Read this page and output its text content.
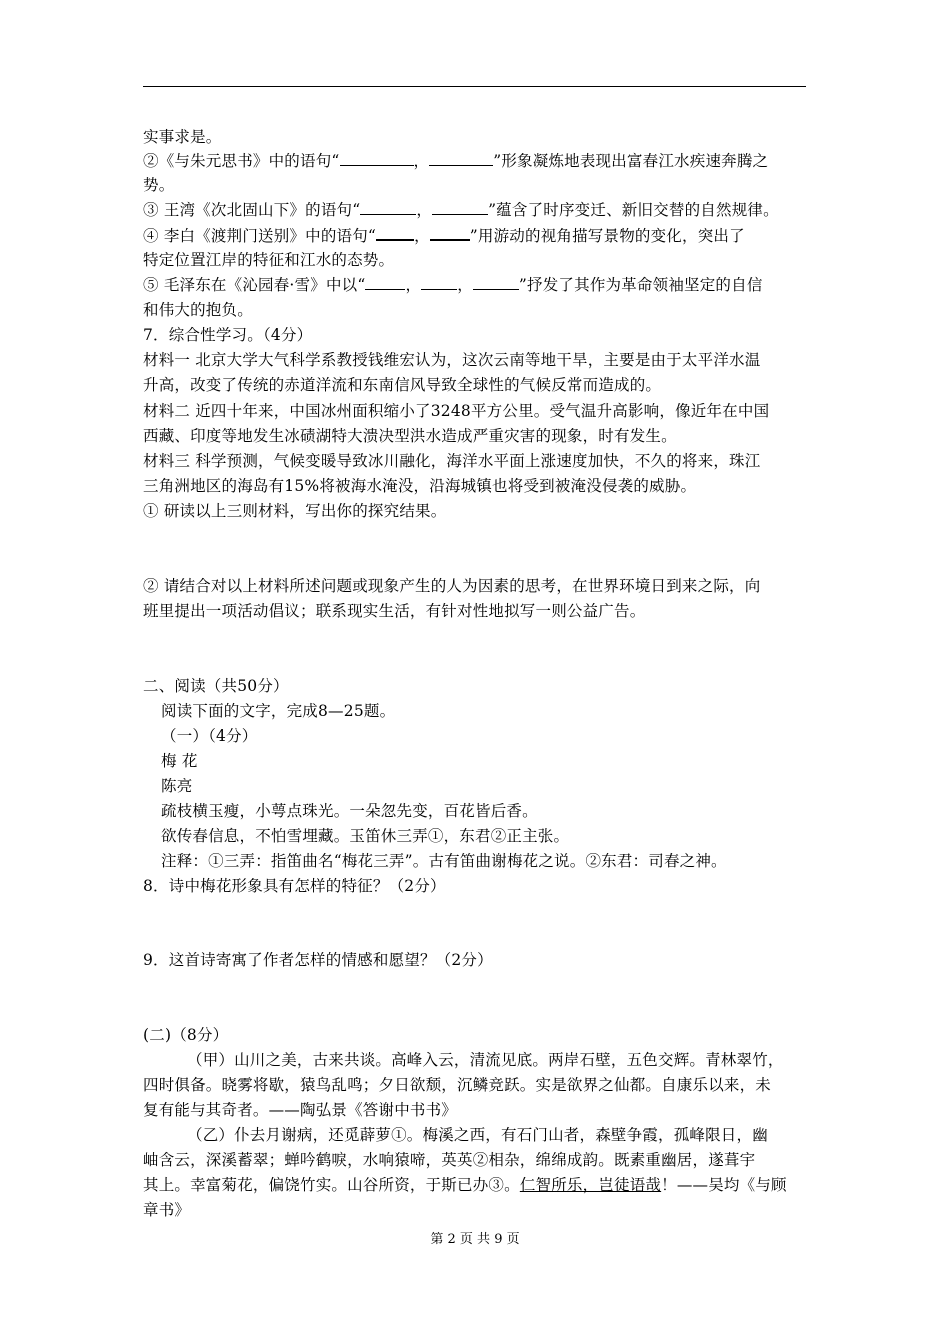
实事求是。
②《与朱元思书》中的语句“	，	”形象凝炼地表现出富春江水疾速奔腾之
势。
③ 王湾《次北固山下》的语句“	，	”蕴含了时序变迁、新旧交替的自然规律。
④ 李白《渡荆门送别》中的语句“ ，	”用游动的视角描写景物的变化，突出了
特定位置江岸的特征和江水的态势。
⑤ 毛泽东在《沁园春·雪》中以“	， ，	”抒发了其作为革命领袖坚定的自信
和伟大的抱负。
7．综合性学习。（4分）
材料一 北京大学大气科学系教授钱维宏认为，这次云南等地干旱，主要是由于太平洋水温
升高，改变了传统的赤道洋流和东南信风导致全球性的气候反常而造成的。
材料二 近四十年来，中国冰州面积缩小了3248平方公里。受气温升高影响，像近年在中国
西藏、印度等地发生冰碛湖特大溃决型洪水造成严重灾害的现象，时有发生。
材料三 科学预测，气候变暖导致冰川融化，海洋水平面上涨速度加快，不久的将来，珠江
三角洲地区的海岛有15%将被海水淹没，沿海城镇也将受到被淹没侵袭的威胁。
① 研读以上三则材料，写出你的探究结果。
② 请结合对以上材料所述问题或现象产生的人为因素的思考，在世界环境日到来之际，向
班里提出一项活动倡议；联系现实生活，有针对性地拟写一则公益广告。
二、阅读（共50分）
阅读下面的文字，完成8—25题。
（一）（4分）
梅 花
陈亮
疏枝横玉瘦，小萼点珠光。一朵忽先变，百花皆后香。
欲传春信息，不怕雪埋藏。玉笛休三弄①，东君②正主张。
注释：①三弄：指笛曲名“梅花三弄”。古有笛曲谢梅花之说。②东君：司春之神。
8．诗中梅花形象具有怎样的特征？（2分）
9．这首诗寄寓了作者怎样的情感和愿望？（2分）
(二)（8分）
（甲）山川之美，古来共谈。高峰入云，清流见底。两岸石壁，五色交辉。青林翠竹，
四时俱备。晓雾将歇，猿鸟乱鸣；夕日欲颓，沉鳞竞跃。实是欲界之仙都。自康乐以来，未
复有能与其奇者。——陶弘景《答谢中书书》
（乙）仆去月谢病，还觅薜萝①。梅溪之西，有石门山者，森壁争霞，孤峰限日，幽
岫含云，深溪蓄翠；蝉吟鹤唳，水响猿啼，英英②相杂，绵绵成韵。既素重幽居，遂葺宇
其上。幸富菊花，偏饶竹实。山谷所资，于斯已办③。仁智所乐，岂徒语哉！——吴均《与顾
章书》
第 2 页 共 9 页
